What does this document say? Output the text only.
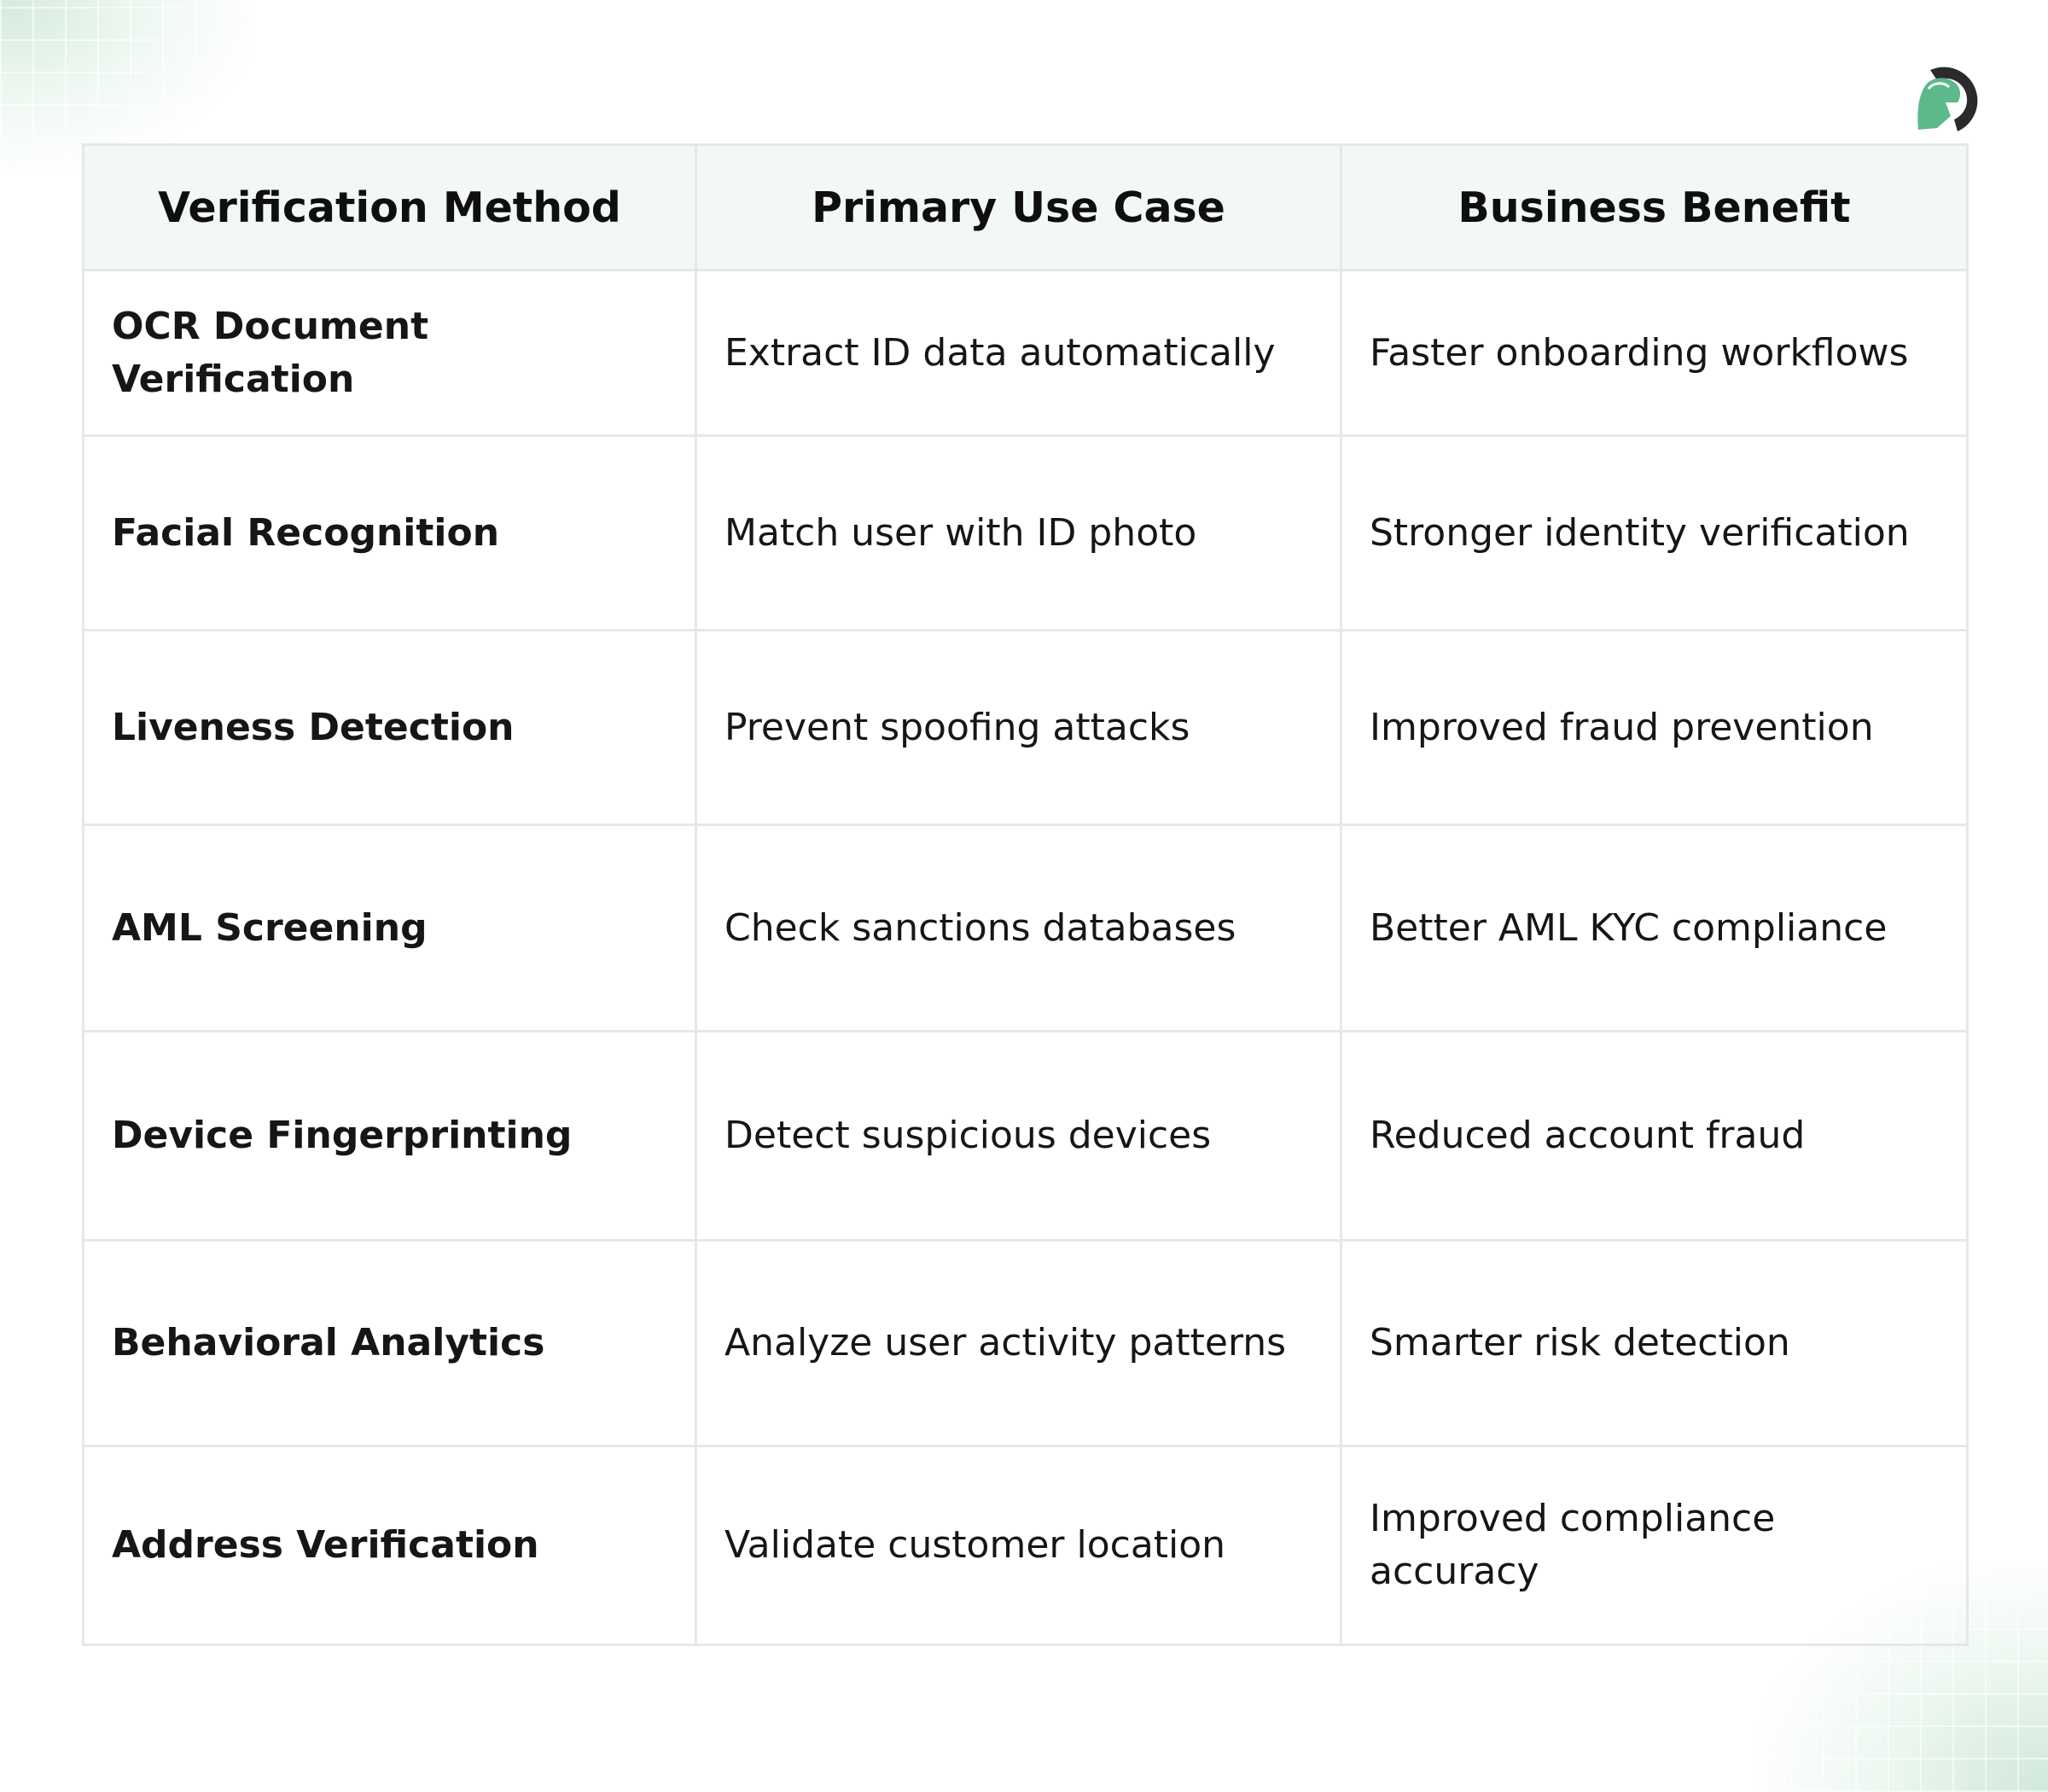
Verification Method	Primary Use Case	Business Benefit
OCR Document Verification	Extract ID data automatically	Faster onboarding workflows
Facial Recognition	Match user with ID photo	Stronger identity verification
Liveness Detection	Prevent spoofing attacks	Improved fraud prevention
AML Screening	Check sanctions databases	Better AML KYC compliance
Device Fingerprinting	Detect suspicious devices	Reduced account fraud
Behavioral Analytics	Analyze user activity patterns	Smarter risk detection
Address Verification	Validate customer location	Improved compliance accuracy
